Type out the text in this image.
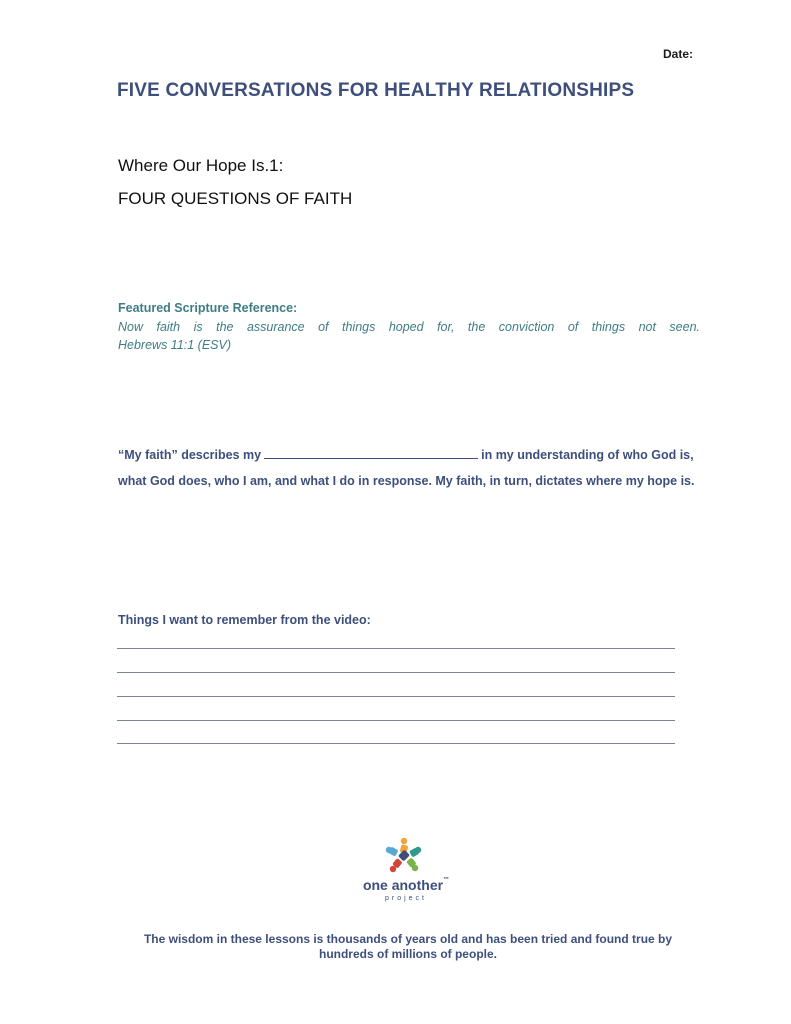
Date:
FIVE CONVERSATIONS FOR HEALTHY RELATIONSHIPS
Where Our Hope Is.1:
FOUR QUESTIONS OF FAITH
Featured Scripture Reference:
Now faith is the assurance of things hoped for, the conviction of things not seen.
Hebrews 11:1 (ESV)
“My faith” describes my	in my understanding of who God is, what God does, who I am, and what I do in response. My faith, in turn, dictates where my hope is.
Things I want to remember from the video:
one another™
project
The wisdom in these lessons is thousands of years old and has been tried and found true by hundreds of millions of people.
